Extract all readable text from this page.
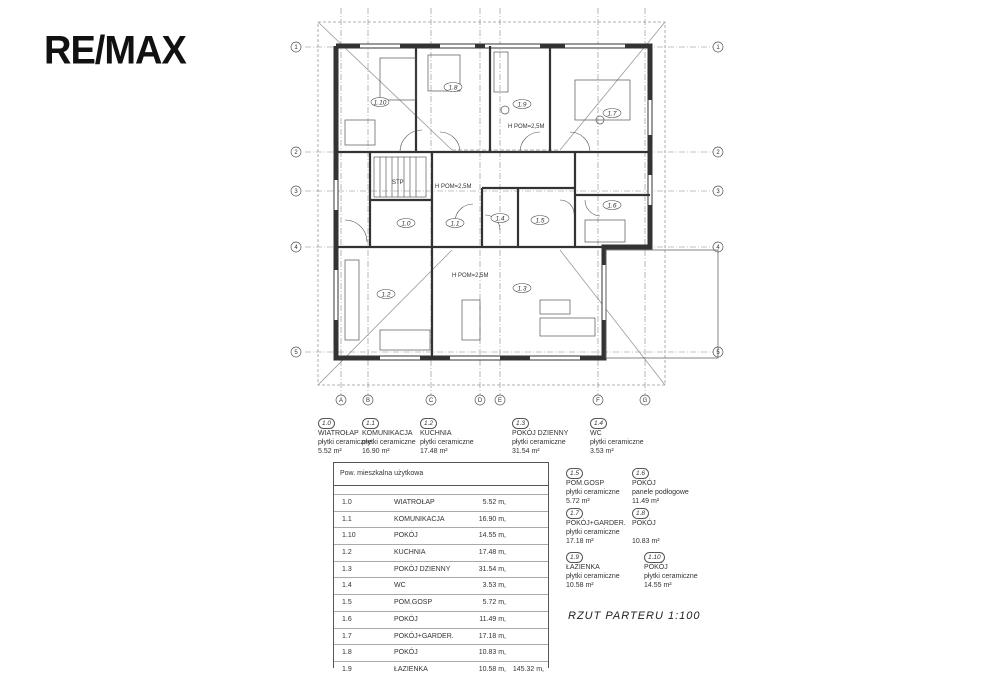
RE/MAX	1	1
2	2
3	3
4	4
5	5
A	B	C	D	E	F	G
STP
1.10
1.8
1.9
1.7
1.0	1.1
1.4	1.5
1.6
1.2
1.3
H POM=2,5M
H POM=2,5M
H POM=2,5M
1.0
WIATROŁAP
płytki ceramiczne
5.52 m²
1.1
KOMUNIKACJA
płytki ceramiczne
16.90 m²
1.2
KUCHNIA
płytki ceramiczne
17.48 m²
1.3
POKÓJ DZIENNY
płytki ceramiczne
31.54 m²
1.4
WC
płytki ceramiczne
3.53 m²
1.5
POM.GOSP
płytki ceramiczne
5.72 m²
1.6
POKÓJ
panele podłogowe
11.49 m²
1.7
POKÓJ+GARDER.
płytki ceramiczne
17.18 m²
1.8
POKÓJ

10.83 m²
1.9
ŁAZIENKA
płytki ceramiczne
10.58 m²
1.10
POKÓJ
płytki ceramiczne
14.55 m²
Pow. mieszkalna użytkowa
1.0	WIATROŁAP	5.52 m,
1.1	KOMUNIKACJA	16.90 m,
1.10	POKÓJ	14.55 m,
1.2	KUCHNIA	17.48 m,
1.3	POKÓJ DZIENNY	31.54 m,
1.4	WC	3.53 m,
1.5	POM.GOSP	5.72 m,
1.6	POKÓJ	11.49 m,
1.7	POKÓJ+GARDER.	17.18 m,
1.8	POKÓJ	10.83 m,
1.9	ŁAZIENKA	10.58 m, 145.32 m,
RZUT PARTERU 1:100
